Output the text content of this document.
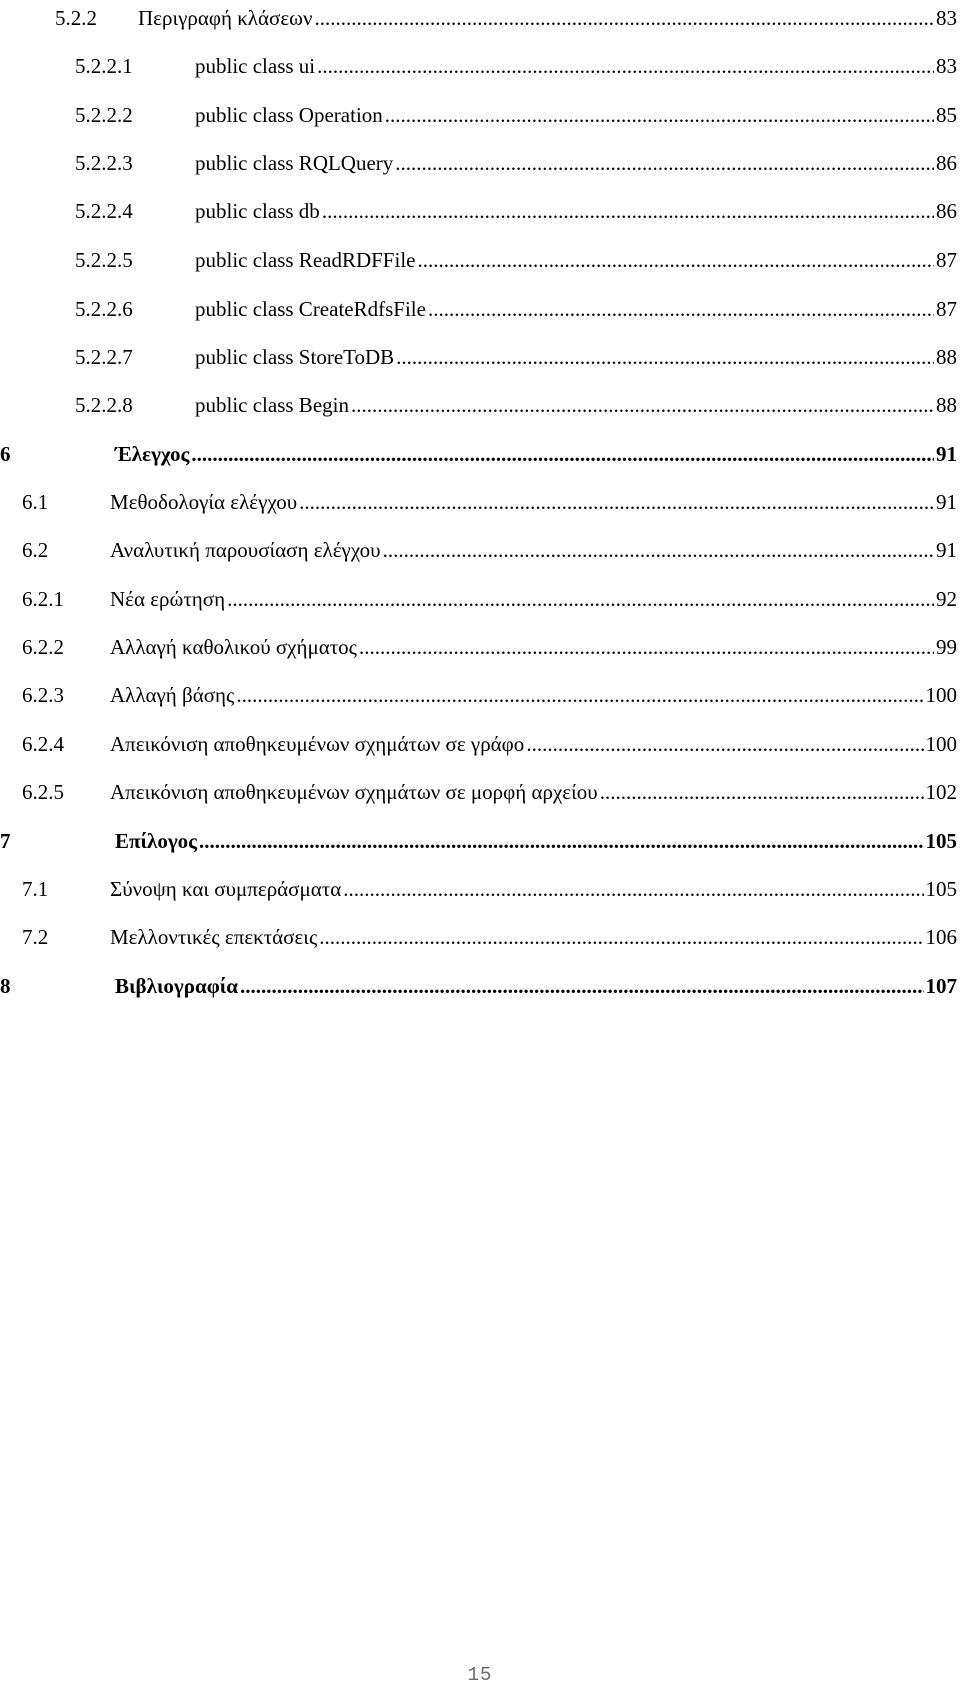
5.2.2 Περιγραφή κλάσεων .....	83
5.2.2.1	public class ui .....	83
5.2.2.2	public class Operation .....	85
5.2.2.3	public class RQLQuery .....	86
5.2.2.4	public class db .....	86
5.2.2.5	public class ReadRDFFile .....	87
5.2.2.6	public class CreateRdfsFile .....	87
5.2.2.7	public class StoreToDB .....	88
5.2.2.8	public class Begin .....	88
6	Έλεγχος .....	91
6.1	Μεθοδολογία ελέγχου .....	91
6.2	Αναλυτική παρουσίαση ελέγχου .....	91
6.2.1 Νέα ερώτηση .....	92
6.2.2 Αλλαγή καθολικού σχήματος .....	99
6.2.3 Αλλαγή βάσης .....	100
6.2.4 Απεικόνιση αποθηκευμένων σχημάτων σε γράφο .....	100
6.2.5 Απεικόνιση αποθηκευμένων σχημάτων σε μορφή αρχείου .....	102
7	Επίλογος .....	105
7.1	Σύνοψη και συμπεράσματα .....	105
7.2	Μελλοντικές επεκτάσεις .....	106
8	Βιβλιογραφία .....	107
15
